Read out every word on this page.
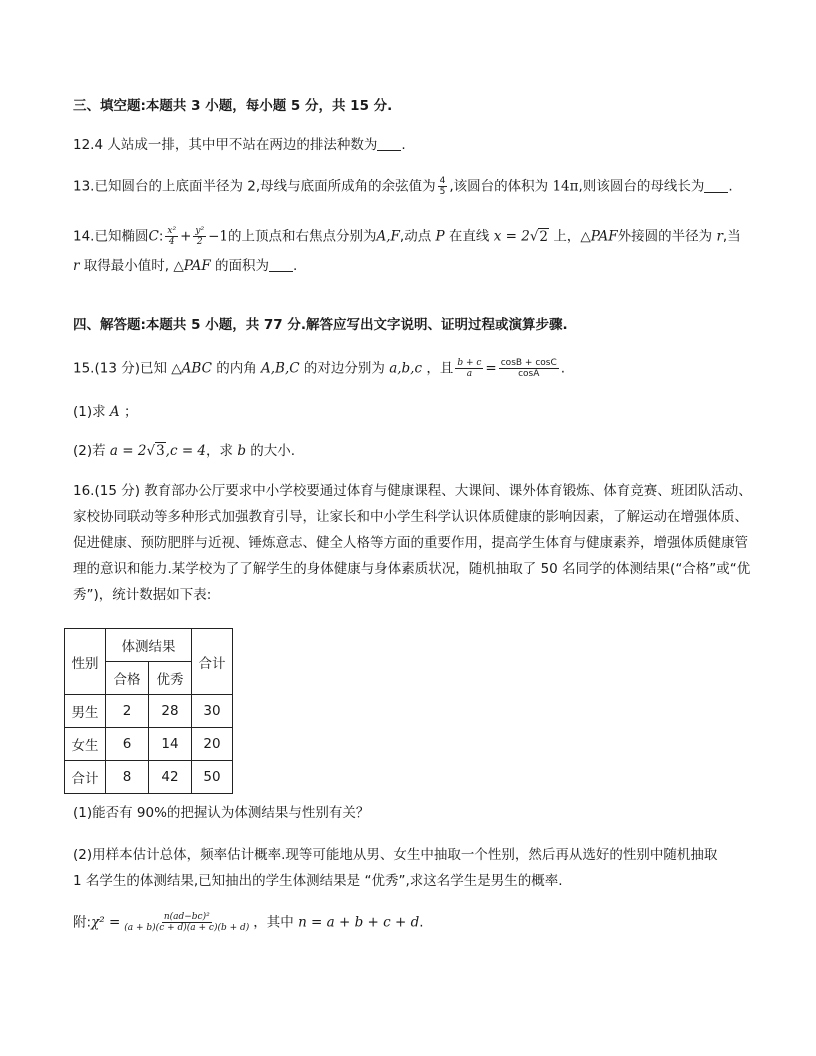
三、填空题:本题共 3 小题，每小题 5 分，共 15 分.
12.4 人站成一排，其中甲不站在两边的排法种数为 .
13.已知圆台的上底面半径为 2,母线与底面所成角的余弦值为 $\frac{4}{5}$ ,该圆台的体积为 14π,则该圆台的母线长为 .
14.已知椭圆C: $\frac{\text{x²}}{4} + \frac{\text{y²}}{2} -1$的上顶点和右焦点分别为A,F,动点 P 在直线 x = 2√2 上，△PAF外接圆的半径为 r,当
r 取得最小值时, △PAF 的面积为 .
四、解答题:本题共 5 小题，共 77 分.解答应写出文字说明、证明过程或演算步骤.
15.(13 分)已知 △ABC 的内角 A,B,C 的对边分别为 a,b,c ，且 $\frac{b + c}{a} = \frac{\cos B + \cos C}{\cos A}$ .
(1)求 A ；
(2)若 a = 2√3,c = 4，求 b 的大小.
16.(15 分) 教育部办公厅要求中小学校要通过体育与健康课程、大课间、课外体育锻炼、体育竞赛、班团队活动、家校协同联动等多种形式加强教育引导，让家长和中小学生科学认识体质健康的影响因素，了解运动在增强体质、促进健康、预防肥胖与近视、锤炼意志、健全人格等方面的重要作用，提高学生体育与健康素养，增强体质健康管理的意识和能力.某学校为了了解学生的身体健康与身体素质状况，随机抽取了 50 名同学的体测结果(“合格”或“优秀”)，统计数据如下表:
性别	体测结果		合计
	合格	优秀	
男生	2	28	30
女生	6	14	20
合计	8	42	50
(1)能否有 90%的把握认为体测结果与性别有关？
(2)用样本估计总体，频率估计概率.现等可能地从男、女生中抽取一个性别，然后再从选好的性别中随机抽取
1 名学生的体测结果,已知抽出的学生体测结果是 “优秀”,求这名学生是男生的概率.
附:χ² = $\frac{\text{n(ad−bc)²}}{(a + b)(c + d)(a + c)(b + d)}$ ，其中 n = a + b + c + d.
